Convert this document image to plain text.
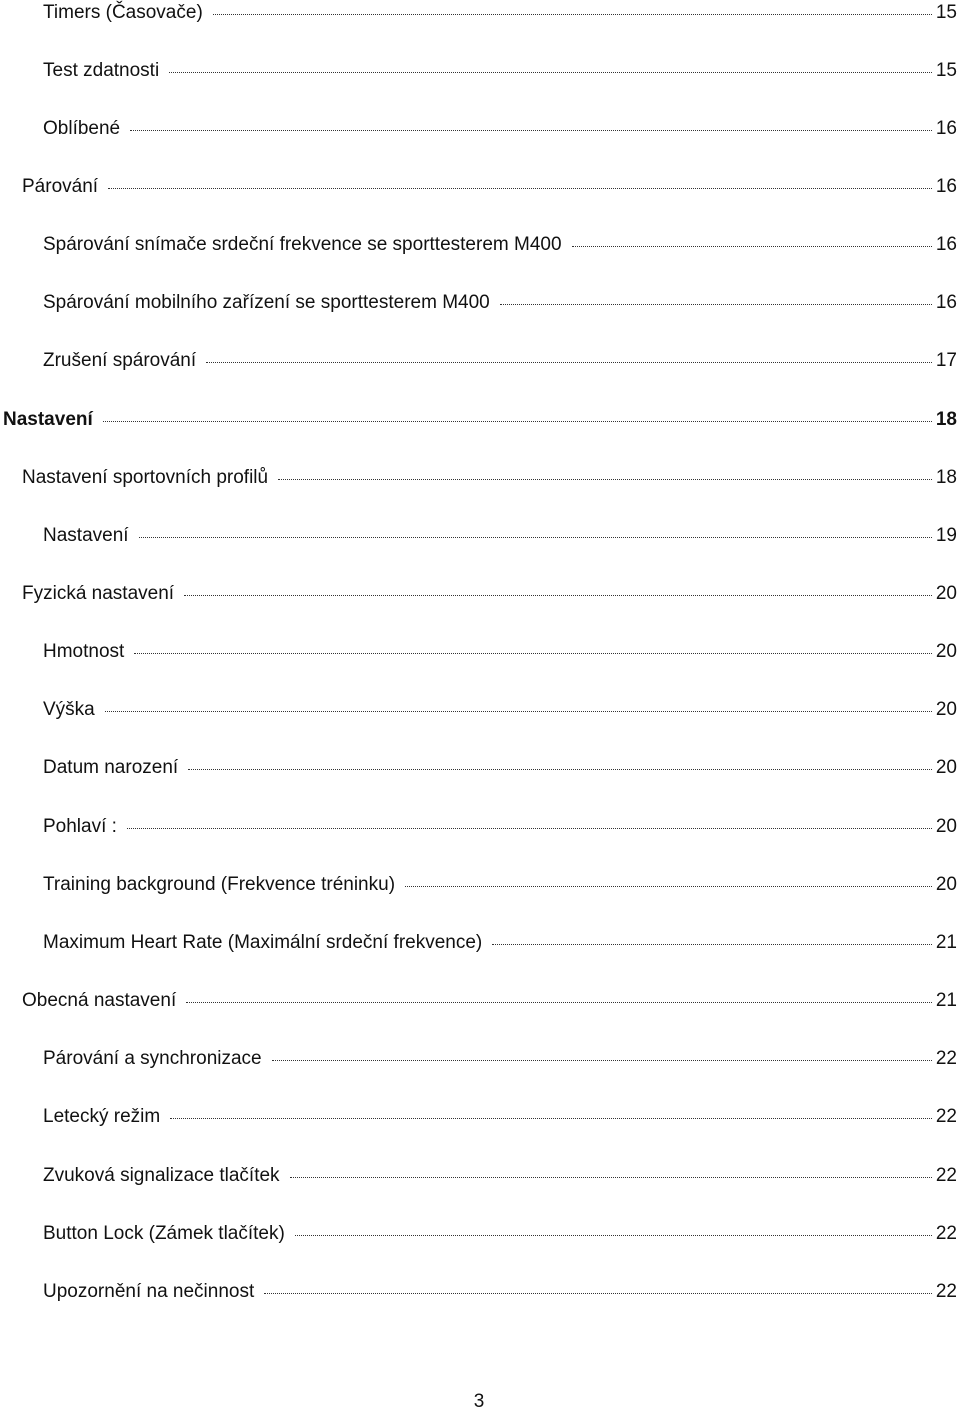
Timers (Časovače)	15
Test zdatnosti	15
Oblíbené	16
Párování	16
Spárování snímače srdeční frekvence se sporttesterem M400	16
Spárování mobilního zařízení se sporttesterem M400	16
Zrušení spárování	17
Nastavení	18
Nastavení sportovních profilů	18
Nastavení	19
Fyzická nastavení	20
Hmotnost	20
Výška	20
Datum narození	20
Pohlaví :	20
Training background (Frekvence tréninku)	20
Maximum Heart Rate (Maximální srdeční frekvence)	21
Obecná nastavení	21
Párování a synchronizace	22
Letecký režim	22
Zvuková signalizace tlačítek	22
Button Lock (Zámek tlačítek)	22
Upozornění na nečinnost	22
3
